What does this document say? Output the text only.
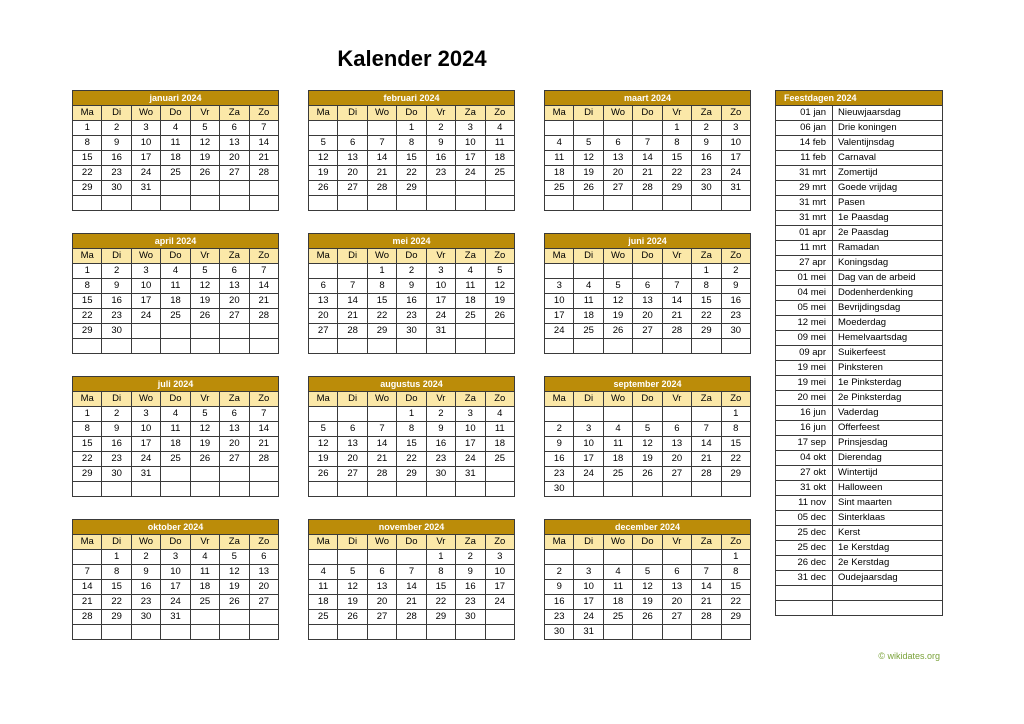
Kalender 2024
januari 2024						
Ma	Di	Wo	Do	Vr	Za	Zo
1	2	3	4	5	6	7
8	9	10	11	12	13	14
15	16	17	18	19	20	21
22	23	24	25	26	27	28
29	30	31				

februari 2024						
Ma	Di	Wo	Do	Vr	Za	Zo
			1	2	3	4
5	6	7	8	9	10	11
12	13	14	15	16	17	18
19	20	21	22	23	24	25
26	27	28	29			

maart 2024						
Ma	Di	Wo	Do	Vr	Za	Zo
				1	2	3
4	5	6	7	8	9	10
11	12	13	14	15	16	17
18	19	20	21	22	23	24
25	26	27	28	29	30	31

april 2024						
Ma	Di	Wo	Do	Vr	Za	Zo
1	2	3	4	5	6	7
8	9	10	11	12	13	14
15	16	17	18	19	20	21
22	23	24	25	26	27	28
29	30					

mei 2024						
Ma	Di	Wo	Do	Vr	Za	Zo
		1	2	3	4	5
6	7	8	9	10	11	12
13	14	15	16	17	18	19
20	21	22	23	24	25	26
27	28	29	30	31		

juni 2024						
Ma	Di	Wo	Do	Vr	Za	Zo
					1	2
3	4	5	6	7	8	9
10	11	12	13	14	15	16
17	18	19	20	21	22	23
24	25	26	27	28	29	30

juli 2024						
Ma	Di	Wo	Do	Vr	Za	Zo
1	2	3	4	5	6	7
8	9	10	11	12	13	14
15	16	17	18	19	20	21
22	23	24	25	26	27	28
29	30	31				

augustus 2024						
Ma	Di	Wo	Do	Vr	Za	Zo
			1	2	3	4
5	6	7	8	9	10	11
12	13	14	15	16	17	18
19	20	21	22	23	24	25
26	27	28	29	30	31	

september 2024						
Ma	Di	Wo	Do	Vr	Za	Zo
						1
2	3	4	5	6	7	8
9	10	11	12	13	14	15
16	17	18	19	20	21	22
23	24	25	26	27	28	29
30						
oktober 2024						
Ma	Di	Wo	Do	Vr	Za	Zo
	1	2	3	4	5	6
7	8	9	10	11	12	13
14	15	16	17	18	19	20
21	22	23	24	25	26	27
28	29	30	31			

november 2024						
Ma	Di	Wo	Do	Vr	Za	Zo
				1	2	3
4	5	6	7	8	9	10
11	12	13	14	15	16	17
18	19	20	21	22	23	24
25	26	27	28	29	30	

december 2024						
Ma	Di	Wo	Do	Vr	Za	Zo
						1
2	3	4	5	6	7	8
9	10	11	12	13	14	15
16	17	18	19	20	21	22
23	24	25	26	27	28	29
30	31					
Feestdagen 2024	
01 jan	Nieuwjaarsdag
06 jan	Drie koningen
14 feb	Valentijnsdag
11 feb	Carnaval
31 mrt	Zomertijd
29 mrt	Goede vrijdag
31 mrt	Pasen
31 mrt	1e Paasdag
01 apr	2e Paasdag
11 mrt	Ramadan
27 apr	Koningsdag
01 mei	Dag van de arbeid
04 mei	Dodenherdenking
05 mei	Bevrijdingsdag
12 mei	Moederdag
09 mei	Hemelvaartsdag
09 apr	Suikerfeest
19 mei	Pinksteren
19 mei	1e Pinksterdag
20 mei	2e Pinksterdag
16 jun	Vaderdag
16 jun	Offerfeest
17 sep	Prinsjesdag
04 okt	Dierendag
27 okt	Wintertijd
31 okt	Halloween
11 nov	Sint maarten
05 dec	Sinterklaas
25 dec	Kerst
25 dec	1e Kerstdag
26 dec	2e Kerstdag
31 dec	Oudejaarsdag

© wikidates.org
